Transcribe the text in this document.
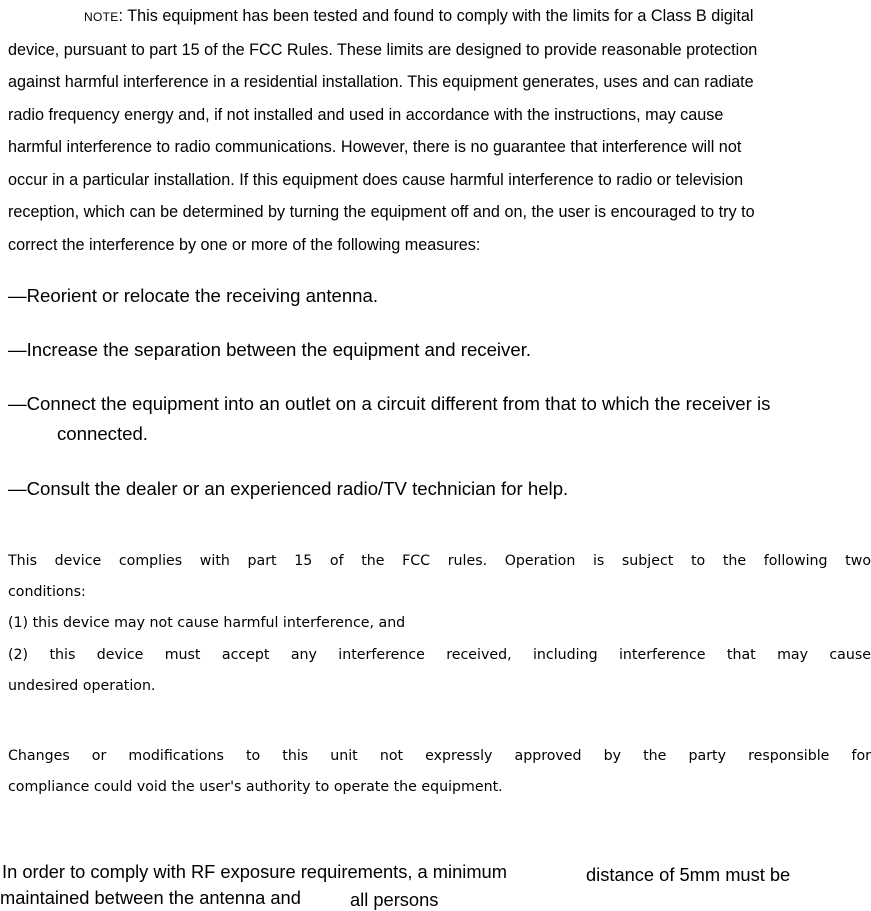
NOTE: This equipment has been tested and found to comply with the limits for a Class B digital
device, pursuant to part 15 of the FCC Rules. These limits are designed to provide reasonable protection
against harmful interference in a residential installation. This equipment generates, uses and can radiate
radio frequency energy and, if not installed and used in accordance with the instructions, may cause
harmful interference to radio communications. However, there is no guarantee that interference will not
occur in a particular installation. If this equipment does cause harmful interference to radio or television
reception, which can be determined by turning the equipment off and on, the user is encouraged to try to
correct the interference by one or more of the following measures:
—Reorient or relocate the receiving antenna.
—Increase the separation between the equipment and receiver.
—Connect the equipment into an outlet on a circuit different from that to which the receiver is
connected.
—Consult the dealer or an experienced radio/TV technician for help.
This device complies with part 15 of the FCC rules. Operation is subject to the following two
conditions:
(1) this device may not cause harmful interference, and
(2) this device must accept any interference received, including interference that may cause
undesired operation.
Changes or modifications to this unit not expressly approved by the party responsible for
compliance could void the user's authority to operate the equipment.
In order to comply with RF exposure requirements, a minimum	distance of 5mm must be
maintained between the antenna and	all persons
